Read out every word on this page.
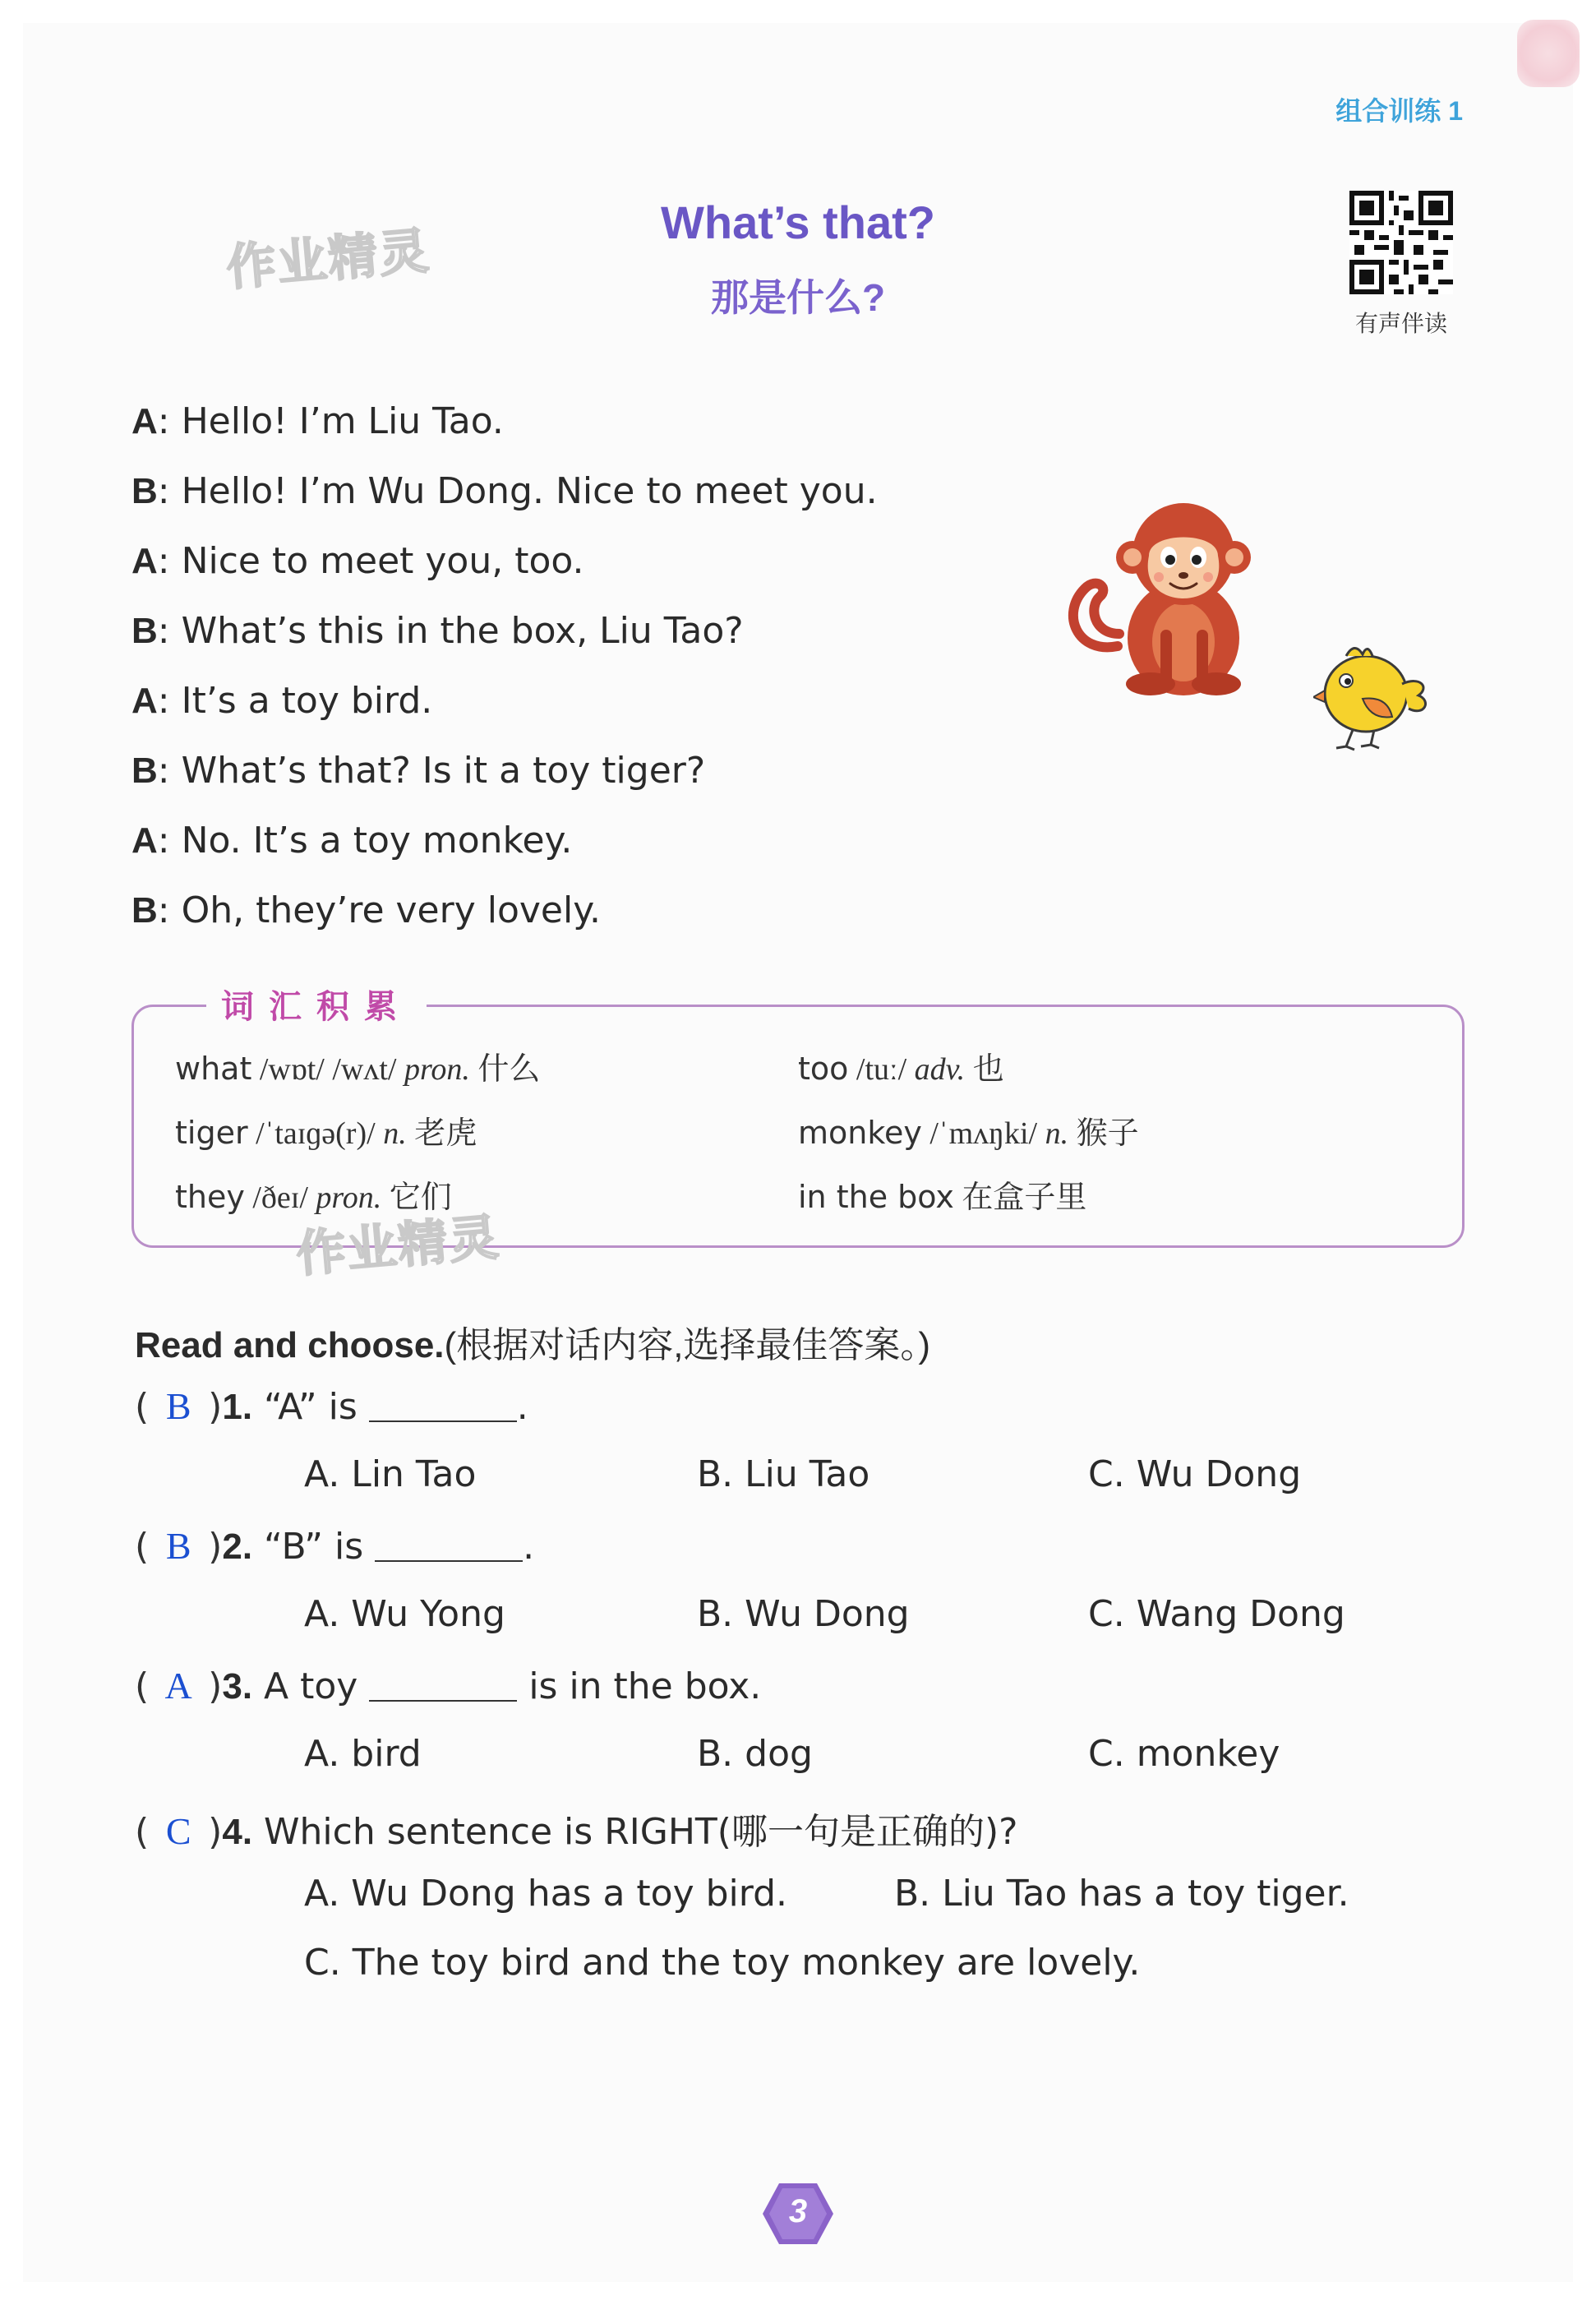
组合训练 1
作业精灵	What’s that?
那是什么?
有声伴读
A: Hello! I’m Liu Tao.
B: Hello! I’m Wu Dong. Nice to meet you.
A: Nice to meet you, too.
B: What’s this in the box, Liu Tao?
A: It’s a toy bird.
B: What’s that? Is it a toy tiger?
A: No. It’s a toy monkey.
B: Oh, they’re very lovely.
词汇积累
what /wɒt/ /wʌt/ pron. 什么	too /tuː/ adv. 也
tiger /ˈtaɪɡə(r)/ n. 老虎	monkey /ˈmʌŋki/ n. 猴子
they /ðeɪ/ pron. 它们	in the box 在盒子里
作业精灵
Read and choose.(根据对话内容,选择最佳答案。)
( B )1. “A” is	.
A. Lin Tao	B. Liu Tao	C. Wu Dong
( B )2. “B” is	.
A. Wu Yong	B. Wu Dong	C. Wang Dong
( A )3. A toy	is in the box.
A. bird	B. dog	C. monkey
( C )4. Which sentence is RIGHT(哪一句是正确的)?
A. Wu Dong has a toy bird.	B. Liu Tao has a toy tiger.
C. The toy bird and the toy monkey are lovely.
3
